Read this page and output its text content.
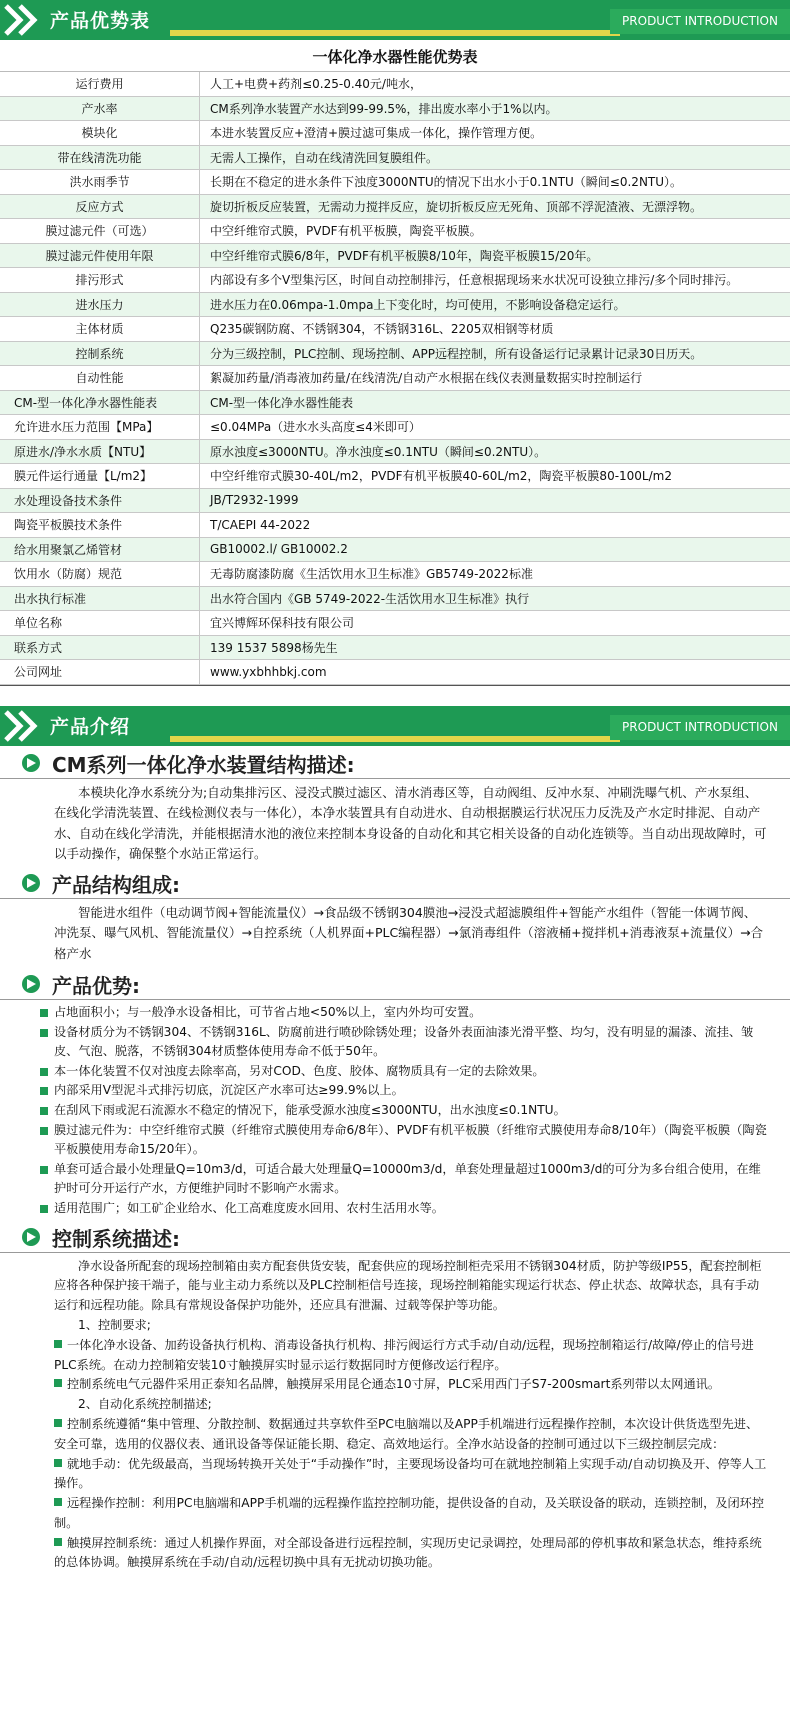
产品优势表	PRODUCT INTRODUCTION
一体化净水器性能优势表
运行费用	人工+电费+药剂≤0.25-0.40元/吨水，
产水率	CM系列净水装置产水达到99-99.5%，排出废水率小于1%以内。
模块化	本进水装置反应+澄清+膜过滤可集成一体化，操作管理方便。
带在线清洗功能	无需人工操作，自动在线清洗回复膜组件。
洪水雨季节	长期在不稳定的进水条件下浊度3000NTU的情况下出水小于0.1NTU（瞬间≤0.2NTU）。
反应方式	旋切折板反应装置，无需动力搅拌反应，旋切折板反应无死角、顶部不浮泥渣液、无漂浮物。
膜过滤元件（可选）	中空纤维帘式膜，PVDF有机平板膜，陶瓷平板膜。
膜过滤元件使用年限	中空纤维帘式膜6/8年，PVDF有机平板膜8/10年，陶瓷平板膜15/20年。
排污形式	内部设有多个V型集污区，时间自动控制排污，任意根据现场来水状况可设独立排污/多个同时排污。
进水压力	进水压力在0.06mpa-1.0mpa上下变化时，均可使用，不影响设备稳定运行。
主体材质	Q235碳钢防腐、不锈钢304，不锈钢316L、2205双相钢等材质
控制系统	分为三级控制，PLC控制、现场控制、APP远程控制，所有设备运行记录累计记录30日历天。
自动性能	絮凝加药量/消毒液加药量/在线清洗/自动产水根据在线仪表测量数据实时控制运行
CM-型一体化净水器性能表	CM-型一体化净水器性能表
允许进水压力范围【MPa】	≤0.04MPa（进水水头高度≤4米即可）
原进水/净水水质【NTU】	原水浊度≤3000NTU。净水浊度≤0.1NTU（瞬间≤0.2NTU）。
膜元件运行通量【L/m2】	中空纤维帘式膜30-40L/m2，PVDF有机平板膜40-60L/m2，陶瓷平板膜80-100L/m2
水处理设备技术条件	JB/T2932-1999
陶瓷平板膜技术条件	T/CAEPI 44-2022
给水用聚氯乙烯管材	GB10002.l/ GB10002.2
饮用水（防腐）规范	无毒防腐漆防腐《生活饮用水卫生标准》GB5749-2022标准
出水执行标准	出水符合国内《GB 5749-2022-生活饮用水卫生标准》执行
单位名称	宜兴博辉环保科技有限公司
联系方式	139 1537 5898杨先生
公司网址	www.yxbhhbkj.com
产品介绍	PRODUCT INTRODUCTION
CM系列一体化净水装置结构描述:
本模块化净水系统分为;自动集排污区、浸没式膜过滤区、清水消毒区等，自动阀组、反冲水泵、冲刷洗曝气机、产水泵组、在线化学清洗装置、在线检测仪表与一体化），本净水装置具有自动进水、自动根据膜运行状况压力反洗及产水定时排泥、自动产水、自动在线化学清洗，并能根据清水池的液位来控制本身设备的自动化和其它相关设备的自动化连锁等。当自动出现故障时，可以手动操作，确保整个水站正常运行。
产品结构组成:
智能进水组件（电动调节阀+智能流量仪）→食品级不锈钢304膜池→浸没式超滤膜组件+智能产水组件（智能一体调节阀、冲洗泵、曝气风机、智能流量仪）→自控系统（人机界面+PLC编程器）→氯消毒组件（溶液桶+搅拌机+消毒液泵+流量仪）→合格产水
产品优势:
占地面积小；与一般净水设备相比，可节省占地<50%以上，室内外均可安置。
设备材质分为不锈钢304、不锈钢316L、防腐前进行喷砂除锈处理；设备外表面油漆光滑平整、均匀，没有明显的漏漆、流挂、皱皮、气泡、脱落，不锈钢304材质整体使用寿命不低于50年。
本一体化装置不仅对浊度去除率高，另对COD、色度、胶体、腐物质具有一定的去除效果。
内部采用V型泥斗式排污切底，沉淀区产水率可达≥99.9%以上。
在刮风下雨或泥石流源水不稳定的情况下，能承受源水浊度≤3000NTU，出水浊度≤0.1NTU。
膜过滤元件为：中空纤维帘式膜（纤维帘式膜使用寿命6/8年）、PVDF有机平板膜（纤维帘式膜使用寿命8/10年）（陶瓷平板膜（陶瓷平板膜使用寿命15/20年）。
单套可适合最小处理量Q=10m3/d，可适合最大处理量Q=10000m3/d，单套处理量超过1000m3/d的可分为多台组合使用，在维护时可分开运行产水，方便维护同时不影响产水需求。
适用范围广；如工矿企业给水、化工高难度废水回用、农村生活用水等。
控制系统描述:
净水设备所配套的现场控制箱由卖方配套供货安装，配套供应的现场控制柜壳采用不锈钢304材质，防护等级IP55，配套控制柜应将各种保护接干端子，能与业主动力系统以及PLC控制柜信号连接，现场控制箱能实现运行状态、停止状态、故障状态，具有手动运行和远程功能。除具有常规设备保护功能外，还应具有泄漏、过载等保护等功能。
1、控制要求;
一体化净水设备、加药设备执行机构、消毒设备执行机构、排污阀运行方式手动/自动/远程，现场控制箱运行/故障/停止的信号进PLC系统。在动力控制箱安装10寸触摸屏实时显示运行数据同时方便修改运行程序。
控制系统电气元器件采用正泰知名品牌，触摸屏采用昆仑通态10寸屏，PLC采用西门子S7-200smart系列带以太网通讯。
2、自动化系统控制描述;
控制系统遵循“集中管理、分散控制、数据通过共享软件至PC电脑端以及APP手机端进行远程操作控制，本次设计供货选型先进、安全可靠，选用的仪器仪表、通讯设备等保证能长期、稳定、高效地运行。全净水站设备的控制可通过以下三级控制层完成：
就地手动：优先级最高，当现场转换开关处于“手动操作”时，主要现场设备均可在就地控制箱上实现手动/自动切换及开、停等人工操作。
远程操作控制：利用PC电脑端和APP手机端的远程操作监控控制功能，提供设备的自动，及关联设备的联动，连锁控制，及闭环控制。
触摸屏控制系统：通过人机操作界面，对全部设备进行远程控制，实现历史记录调控，处理局部的停机事故和紧急状态，维持系统的总体协调。触摸屏系统在手动/自动/远程切换中具有无扰动切换功能。
